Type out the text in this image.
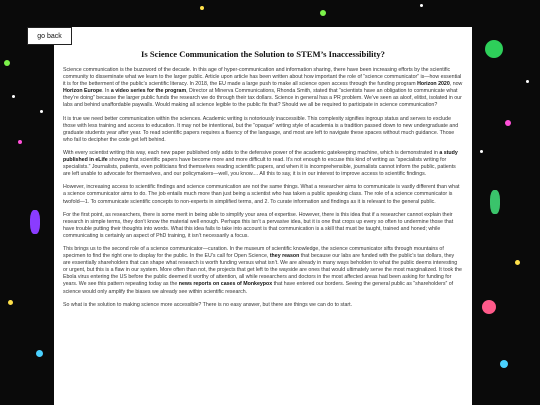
go back
Is Science Communication the Solution to STEM’s Inaccessibility?

Science communication is the buzzword of the decade. In this age of hyper-communication and information sharing, there have been increasing efforts by the scientific community to disseminate what we learn to the larger public. Article upon article has been written about how important the role of “science communicator” is—how essential it is for the betterment of the public’s scientific literacy. In 2018, the EU made a large push to make all science open access through the funding program Horizon 2020, now Horizon Europe. In a video series for the program, Director at Minerva Communications, Rhonda Smith, stated that “scientists have an obligation to communicate what they’re doing” because the larger public funds the research we do through their tax dollars. Science in general has a PR problem. We’ve seen as aloof, elitist, isolated in our labs and behind unaffordable paywalls. Would making all science legible to the public fix that? Should we all be required to participate in science communication?

It is true we need better communication within the sciences. Academic writing is notoriously inaccessible. This complexity signifies ingroup status and serves to exclude those with less training and access to education. It may not be intentional, but the “opaque” writing style of academia is a tradition passed down to new undergraduate and graduate students year after year. To read scientific papers requires a fluency of the language, and most are left to navigate these spaces without much guidance. Those who fail to decipher the code get left behind.

With every scientist writing this way, each new paper published only adds to the defensive power of the academic gatekeeping machine, which is demonstrated in a study published in eLife showing that scientific papers have become more and more difficult to read. It’s not enough to excuse this kind of writing as “specialists writing for specialists.” Journalists, patients, even politicians find themselves reading scientific papers, and when it is incomprehensible, journalists cannot inform the public, patients are left unable to advocate for themselves, and our policymakers—well, you know.... All this to say, it is in our interest to improve access to scientific findings.

However, increasing access to scientific findings and science communication are not the same things. What a researcher aims to communicate is vastly different than what a science communicator aims to do. The job entails much more than just being a scientist who has taken a public speaking class. The role of a science communicator is twofold—1. To communicate scientific concepts to non-experts in simplified terms, and 2. To curate information and findings as it is relevant to the general public.

For the first point, as researchers, there is some merit in being able to simplify your area of expertise. However, there is this idea that if a researcher cannot explain their research in simple terms, they don’t know the material well enough. Perhaps this isn’t a pervasive idea, but it is one that crops up every so often to undermine those that have trouble putting their thoughts into words. What this idea fails to take into account is that communication is a skill that must be taught, trained and honed; while communicating is certainly an aspect of PhD training, it isn’t necessarily a focus.

This brings us to the second role of a science communicator—curation. In the museum of scientific knowledge, the science communicator sifts through mountains of specimen to find the right one to display for the public. In the EU’s call for Open Science, they reason that because our labs are funded with the public’s tax dollars, they are essentially shareholders that can shape what research is worth funding versus what isn’t. We are already in many ways beholden to what the public deems interesting or urgent, but this is a flaw in our system. More often than not, the projects that get left to the wayside are ones that would ultimately serve the most marginalized. It took the Ebola virus entering the US before the public deemed it worthy of attention, all while researchers and doctors in the most affected areas had been asking for funding for years. We see this pattern repeating today as the news reports on cases of Monkeypox that have entered our borders. Seeing the general public as “shareholders” of science would only amplify the biases we already see within scientific research.

So what is the solution to making science more accessible? There is no easy answer, but there are things we can do to start.
